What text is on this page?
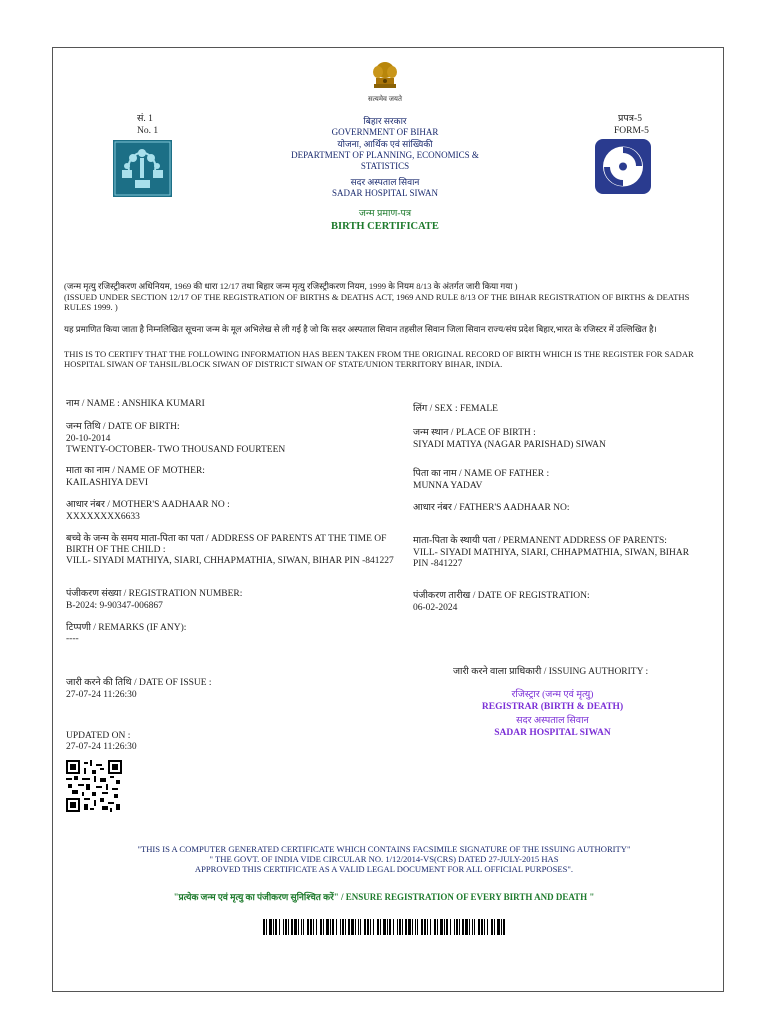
सत्यमेव जयते
सं. 1
No. 1
प्रपत्र-5
FORM-5
बिहार सरकार
GOVERNMENT OF BIHAR
योजना, आर्थिक एवं सांख्यिकी
DEPARTMENT OF PLANNING, ECONOMICS &
STATISTICS
सदर अस्पताल सिवान
SADAR HOSPITAL SIWAN
जन्म प्रमाण-पत्र
BIRTH CERTIFICATE
(जन्म मृत्यु रजिस्ट्रीकरण अधिनियम, 1969 की धारा 12/17 तथा बिहार जन्म मृत्यु रजिस्ट्रीकरण नियम, 1999 के नियम 8/13 के अंतर्गत जारी किया गया )
(ISSUED UNDER SECTION 12/17 OF THE REGISTRATION OF BIRTHS & DEATHS ACT, 1969 AND RULE 8/13 OF THE BIHAR REGISTRATION OF BIRTHS & DEATHS RULES 1999. )
यह प्रमाणित किया जाता है निम्नलिखित सूचना जन्म के मूल अभिलेख से ली गई है जो कि सदर अस्पताल सिवान तहसील सिवान जिला सिवान राज्य/संघ प्रदेश बिहार,भारत के रजिस्टर में उल्लिखित है।
THIS IS TO CERTIFY THAT THE FOLLOWING INFORMATION HAS BEEN TAKEN FROM THE ORIGINAL RECORD OF BIRTH WHICH IS THE REGISTER FOR SADAR HOSPITAL SIWAN OF TAHSIL/BLOCK SIWAN OF DISTRICT SIWAN OF STATE/UNION TERRITORY BIHAR, INDIA.
नाम / NAME : ANSHIKA KUMARI
जन्म तिथि / DATE OF BIRTH:
20-10-2014
TWENTY-OCTOBER- TWO THOUSAND FOURTEEN
माता का नाम / NAME OF MOTHER:
KAILASHIYA DEVI
आधार नंबर / MOTHER'S AADHAAR NO :
XXXXXXXX6633
बच्चे के जन्म के समय माता-पिता का पता / ADDRESS OF PARENTS AT THE TIME OF BIRTH OF THE CHILD :
VILL- SIYADI MATHIYA, SIARI, CHHAPMATHIA, SIWAN, BIHAR PIN -841227
पंजीकरण संख्या / REGISTRATION NUMBER:
B-2024: 9-90347-006867
टिप्पणी / REMARKS (IF ANY):
----
जारी करने की तिथि / DATE OF ISSUE :
27-07-24 11:26:30
UPDATED ON :
27-07-24 11:26:30
लिंग / SEX : FEMALE
जन्म स्थान / PLACE OF BIRTH :
SIYADI MATIYA (NAGAR PARISHAD) SIWAN
पिता का नाम / NAME OF FATHER :
MUNNA YADAV
आधार नंबर / FATHER'S AADHAAR NO:
माता-पिता के स्थायी पता / PERMANENT ADDRESS OF PARENTS:
VILL- SIYADI MATHIYA, SIARI, CHHAPMATHIA, SIWAN, BIHAR PIN -841227
पंजीकरण तारीख / DATE OF REGISTRATION:
06-02-2024
जारी करने वाला प्राधिकारी / ISSUING AUTHORITY :
रजिस्ट्रार (जन्म एवं मृत्यु)
REGISTRAR (BIRTH & DEATH)
सदर अस्पताल सिवान
SADAR HOSPITAL SIWAN
"THIS IS A COMPUTER GENERATED CERTIFICATE WHICH CONTAINS FACSIMILE SIGNATURE OF THE ISSUING AUTHORITY"
" THE GOVT. OF INDIA VIDE CIRCULAR NO. 1/12/2014-VS(CRS) DATED 27-JULY-2015 HAS
APPROVED THIS CERTIFICATE AS A VALID LEGAL DOCUMENT FOR ALL OFFICIAL PURPOSES".
"प्रत्येक जन्म एवं मृत्यु का पंजीकरण सुनिश्चित करें" / ENSURE REGISTRATION OF EVERY BIRTH AND DEATH "
